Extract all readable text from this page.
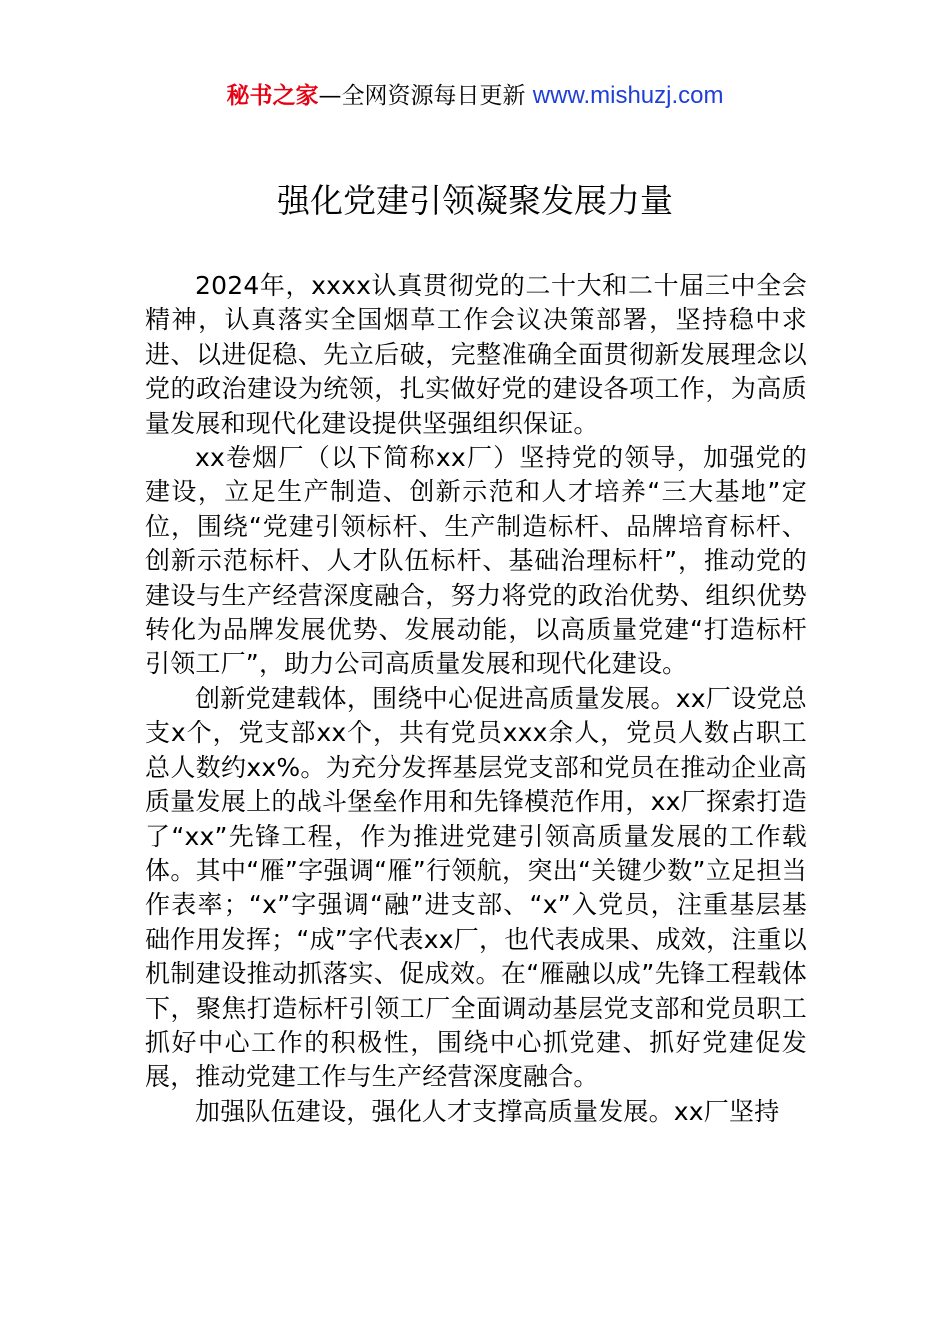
秘书之家—全网资源每日更新 www.mishuzj.com
强化党建引领凝聚发展力量

2024年，xxxx认真贯彻党的二十大和二十届三中全会精神，认真落实全国烟草工作会议决策部署，坚持稳中求进、以进促稳、先立后破，完整准确全面贯彻新发展理念以党的政治建设为统领，扎实做好党的建设各项工作，为高质量发展和现代化建设提供坚强组织保证。

xx卷烟厂（以下简称xx厂）坚持党的领导，加强党的建设，立足生产制造、创新示范和人才培养“三大基地”定位，围绕“党建引领标杆、生产制造标杆、品牌培育标杆、创新示范标杆、人才队伍标杆、基础治理标杆”，推动党的建设与生产经营深度融合，努力将党的政治优势、组织优势转化为品牌发展优势、发展动能，以高质量党建“打造标杆引领工厂”，助力公司高质量发展和现代化建设。

创新党建载体，围绕中心促进高质量发展。xx厂设党总支x个，党支部xx个，共有党员xxx余人，党员人数占职工总人数约xx%。为充分发挥基层党支部和党员在推动企业高质量发展上的战斗堡垒作用和先锋模范作用，xx厂探索打造了“xx”先锋工程，作为推进党建引领高质量发展的工作载体。其中“雁”字强调“雁”行领航，突出“关键少数”立足担当作表率；“x”字强调“融”进支部、“x”入党员，注重基层基础作用发挥；“成”字代表xx厂，也代表成果、成效，注重以机制建设推动抓落实、促成效。在“雁融以成”先锋工程载体下，聚焦打造标杆引领工厂全面调动基层党支部和党员职工抓好中心工作的积极性，围绕中心抓党建、抓好党建促发展，推动党建工作与生产经营深度融合。

加强队伍建设，强化人才支撑高质量发展。xx厂坚持
